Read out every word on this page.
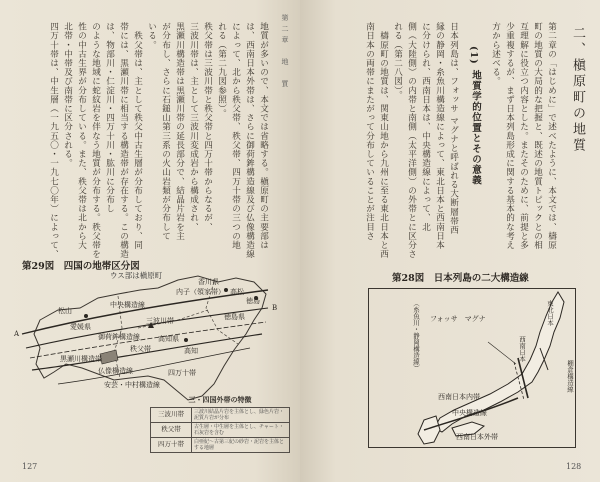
第二章　地　質
地質が多いので、本文では省略する。槇原町の主要部は
は、西南日本外帯は、さらに御荷鉾構造線及び仏像構造線
によって、北から秩父帯、秩父帯、四万十帯の三つの地
れる（第二九図参照）。
秩父帯は三波川帯と秩父帯と四万十帯からなるが、
三波川帯は、主として三波川変成岩から構成され、
黒瀬川構造帯は黒瀬川帯の延長部分で、結晶片岩を主
が分布し、さらに石鎚山第三系の火山岩類が分布して
いる。
　秩父帯は、主として秩父中古生層が分布しており、同
帯には、黒瀬川帯に相当する構造帯が存在する。この構造
は、物部川・仁淀川・四万十川・肱川に分布し
のような地域に蛇紋岩を伴なう地質が分布する。秩父帯を
性の中古生界が分布している。また、秩父帯は北から大
北帯・中帯及び南帯に区分される。
四万十帯は、中生層（一九五〇・一九七〇年）によって、
第29図　四国の地帯区分図
ウス部は槇原町
香川県
内子（領家帯） 高松
徳島
松山
三波川帯	徳島県
中央構造線
愛媛県
御荷鉾構造線	高知県
秩父帯	高知
黒瀬川構造帯
仏像構造線	四万十帯
安芸・中村構造線
A
B
三・四国外帯の特徴
三波川帯	三波川結晶片岩を主体とし、緑色片岩・泥質片岩が分布
秩父帯	古生層・中生層を主体とし、チャート・石灰岩を含む
四万十帯	白亜紀〜古第三紀の砂岩・泥岩を主体とする地層
127
二、槇原町の地質
第二章の「はじめに」で述べたように、本文では、檮原
町の地質の大局的な把握と、既述の地質トピックとの相
互理解に役立つ内容とした。またそのために、前提と多
少重複するが、まず日本列島形成に関する基本的な考え
方から述べる。
(1)
地質学的位置とその意義
日本列島は、フォッサ マグナと呼ばれる大断層帯西
縁の静岡・糸魚川構造線によって、東北日本と西南日本
に分けられ、西南日本は、中央構造線によって、北
側（大陸側）の内帯と南側（太平洋側）の外帯とに区分さ
れる（第二八図）。
　檮原町の地質は、関東山地から九州に至る東北日本と西
南日本の両帯にまたがって分布していることが注目さ
第28図　日本列島の二大構造線
フォッサ　マグナ
（糸魚川・静岡構造線）	東北日本
西南日本
西南日本内帯
西南日本外帯
中央構造線
棚倉構造線
128
